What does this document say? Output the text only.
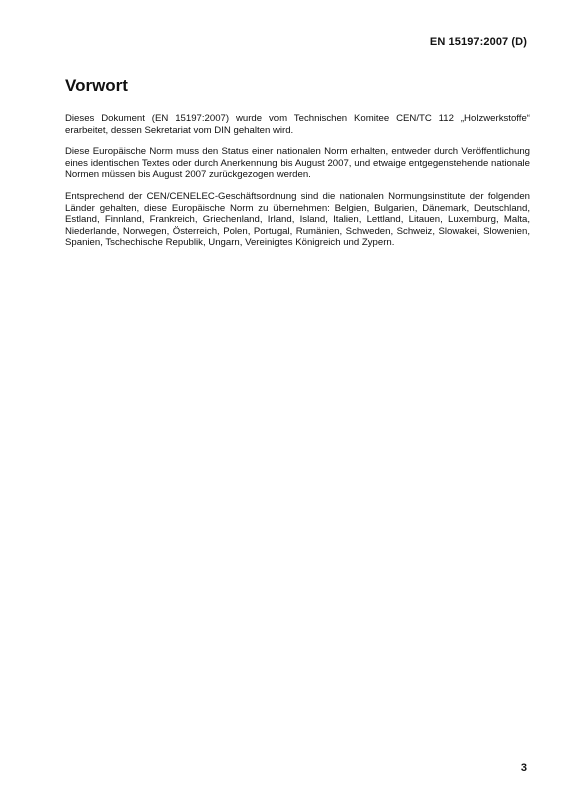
EN 15197:2007 (D)
Vorwort

Dieses Dokument (EN 15197:2007) wurde vom Technischen Komitee CEN/TC 112 „Holzwerkstoffe“ erarbeitet, dessen Sekretariat vom DIN gehalten wird.

Diese Europäische Norm muss den Status einer nationalen Norm erhalten, entweder durch Veröffentlichung eines identischen Textes oder durch Anerkennung bis August 2007, und etwaige entgegenstehende nationale Normen müssen bis August 2007 zurückgezogen werden.

Entsprechend der CEN/CENELEC-Geschäftsordnung sind die nationalen Normungsinstitute der folgenden Länder gehalten, diese Europäische Norm zu übernehmen: Belgien, Bulgarien, Dänemark, Deutschland, Estland, Finnland, Frankreich, Griechenland, Irland, Island, Italien, Lettland, Litauen, Luxemburg, Malta, Niederlande, Norwegen, Österreich, Polen, Portugal, Rumänien, Schweden, Schweiz, Slowakei, Slowenien, Spanien, Tschechische Republik, Ungarn, Vereinigtes Königreich und Zypern.

3
